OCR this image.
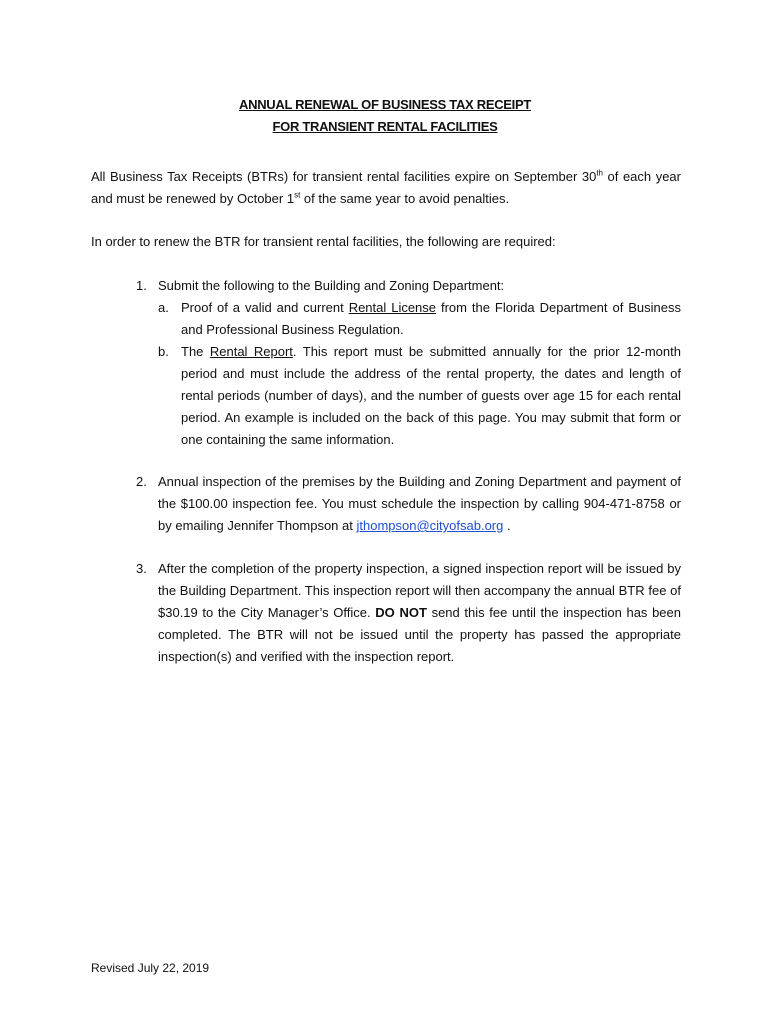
ANNUAL RENEWAL OF BUSINESS TAX RECEIPT
FOR TRANSIENT RENTAL FACILITIES
All Business Tax Receipts (BTRs) for transient rental facilities expire on September 30th of each year and must be renewed by October 1st of the same year to avoid penalties.
In order to renew the BTR for transient rental facilities, the following are required:
1. Submit the following to the Building and Zoning Department:
a. Proof of a valid and current Rental License from the Florida Department of Business and Professional Business Regulation.
b. The Rental Report. This report must be submitted annually for the prior 12-month period and must include the address of the rental property, the dates and length of rental periods (number of days), and the number of guests over age 15 for each rental period. An example is included on the back of this page. You may submit that form or one containing the same information.
2. Annual inspection of the premises by the Building and Zoning Department and payment of the $100.00 inspection fee. You must schedule the inspection by calling 904-471-8758 or by emailing Jennifer Thompson at jthompson@cityofsab.org .
3. After the completion of the property inspection, a signed inspection report will be issued by the Building Department. This inspection report will then accompany the annual BTR fee of $30.19 to the City Manager’s Office. DO NOT send this fee until the inspection has been completed. The BTR will not be issued until the property has passed the appropriate inspection(s) and verified with the inspection report.
Revised July 22, 2019
